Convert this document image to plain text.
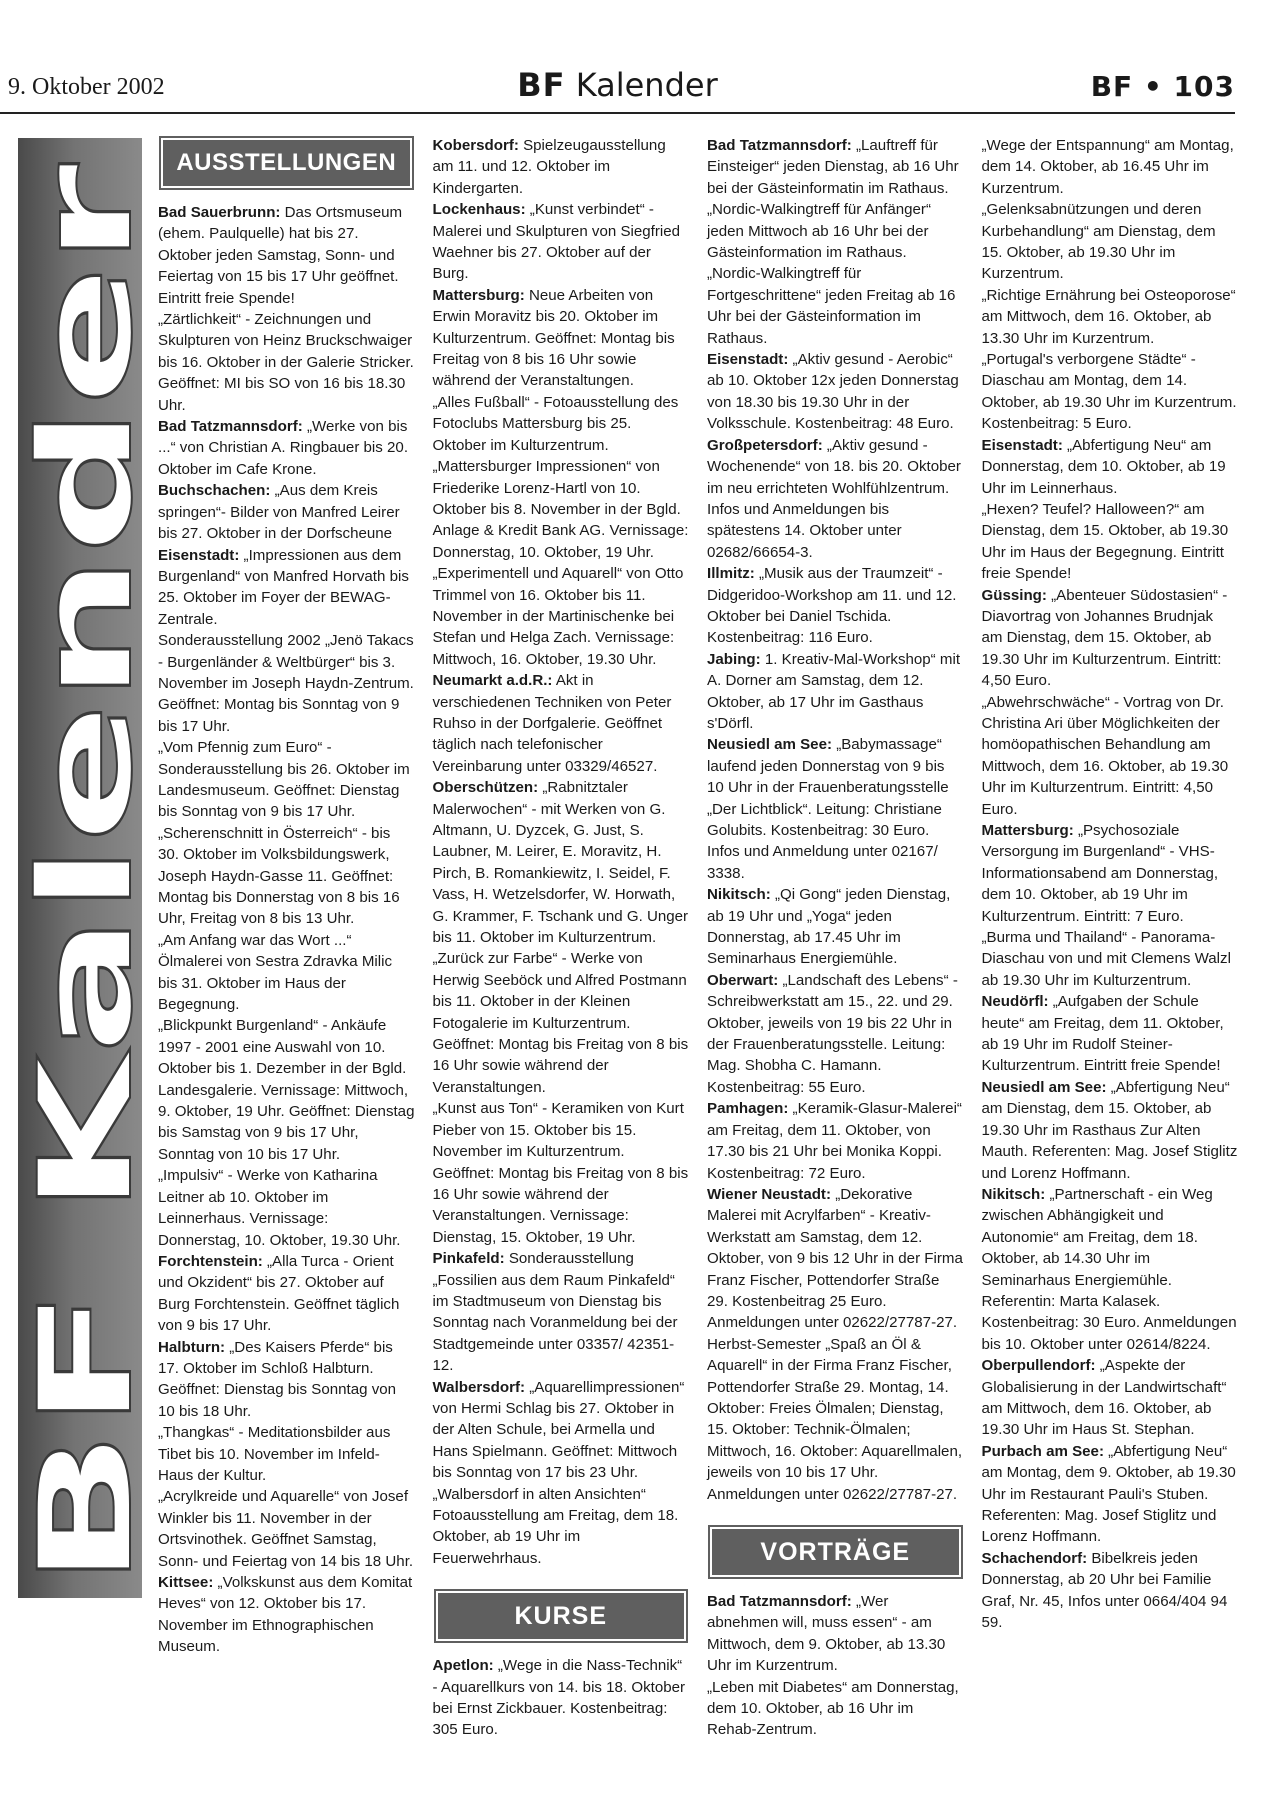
9. Oktober 2002	BF Kalender	BF • 103
BF Kalender
AUSSTELLUNGEN

Bad Sauerbrunn: Das Ortsmuseum (ehem. Paulquelle) hat bis 27. Oktober jeden Samstag, Sonn- und Feiertag von 15 bis 17 Uhr geöffnet. Eintritt freie Spende!

„Zärtlichkeit“ - Zeichnungen und Skulpturen von Heinz Bruckschwaiger bis 16. Oktober in der Galerie Stricker. Geöffnet: MI bis SO von 16 bis 18.30 Uhr.

Bad Tatzmannsdorf: „Werke von bis ...“ von Christian A. Ringbauer bis 20. Oktober im Cafe Krone.

Buchschachen: „Aus dem Kreis springen“- Bilder von Manfred Leirer bis 27. Oktober in der Dorfscheune

Eisenstadt: „Impressionen aus dem Burgenland“ von Manfred Horvath bis 25. Oktober im Foyer der BEWAG-Zentrale.

Sonderausstellung 2002 „Jenö Takacs - Burgenländer & Weltbürger“ bis 3. November im Joseph Haydn-Zentrum. Geöffnet: Montag bis Sonntag von 9 bis 17 Uhr.

„Vom Pfennig zum Euro“ - Sonderausstellung bis 26. Oktober im Landesmuseum. Geöffnet: Dienstag bis Sonntag von 9 bis 17 Uhr.

„Scherenschnitt in Österreich“ - bis 30. Oktober im Volksbildungswerk, Joseph Haydn-Gasse 11. Geöffnet: Montag bis Donnerstag von 8 bis 16 Uhr, Freitag von 8 bis 13 Uhr.

„Am Anfang war das Wort ...“ Ölmalerei von Sestra Zdravka Milic bis 31. Oktober im Haus der Begegnung.

„Blickpunkt Burgenland“ - Ankäufe 1997 - 2001 eine Auswahl von 10. Oktober bis 1. Dezember in der Bgld. Landesgalerie. Vernissage: Mittwoch, 9. Oktober, 19 Uhr. Geöffnet: Dienstag bis Samstag von 9 bis 17 Uhr, Sonntag von 10 bis 17 Uhr.

„Impulsiv“ - Werke von Katharina Leitner ab 10. Oktober im Leinnerhaus. Vernissage: Donnerstag, 10. Oktober, 19.30 Uhr.

Forchtenstein: „Alla Turca - Orient und Okzident“ bis 27. Oktober auf Burg Forchtenstein. Geöffnet täglich von 9 bis 17 Uhr.

Halbturn: „Des Kaisers Pferde“ bis 17. Oktober im Schloß Halbturn. Geöffnet: Dienstag bis Sonntag von 10 bis 18 Uhr.

„Thangkas“ - Meditationsbilder aus Tibet bis 10. November im Infeld-Haus der Kultur.

„Acrylkreide und Aquarelle“ von Josef Winkler bis 11. November in der Ortsvinothek. Geöffnet Samstag, Sonn- und Feiertag von 14 bis 18 Uhr.

Kittsee: „Volkskunst aus dem Komitat Heves“ von 12. Oktober bis 17. November im Ethnographischen Museum.

Kobersdorf: Spielzeugausstellung am 11. und 12. Oktober im Kindergarten.

Lockenhaus: „Kunst verbindet“ - Malerei und Skulpturen von Siegfried Waehner bis 27. Oktober auf der Burg.

Mattersburg: Neue Arbeiten von Erwin Moravitz bis 20. Oktober im Kulturzentrum. Geöffnet: Montag bis Freitag von 8 bis 16 Uhr sowie während der Veranstaltungen.

„Alles Fußball“ - Fotoausstellung des Fotoclubs Mattersburg bis 25. Oktober im Kulturzentrum.

„Mattersburger Impressionen“ von Friederike Lorenz-Hartl von 10. Oktober bis 8. November in der Bgld. Anlage & Kredit Bank AG. Vernissage: Donnerstag, 10. Oktober, 19 Uhr.

„Experimentell und Aquarell“ von Otto Trimmel von 16. Oktober bis 11. November in der Martinischenke bei Stefan und Helga Zach. Vernissage: Mittwoch, 16. Oktober, 19.30 Uhr.

Neumarkt a.d.R.: Akt in verschiedenen Techniken von Peter Ruhso in der Dorfgalerie. Geöffnet täglich nach telefonischer Vereinbarung unter 03329/46527.

Oberschützen: „Rabnitztaler Malerwochen“ - mit Werken von G. Altmann, U. Dyzcek, G. Just, S. Laubner, M. Leirer, E. Moravitz, H. Pirch, B. Romankiewitz, I. Seidel, F. Vass, H. Wetzelsdorfer, W. Horwath, G. Krammer, F. Tschank und G. Unger bis 11. Oktober im Kulturzentrum.

„Zurück zur Farbe“ - Werke von Herwig Seeböck und Alfred Postmann bis 11. Oktober in der Kleinen Fotogalerie im Kulturzentrum. Geöffnet: Montag bis Freitag von 8 bis 16 Uhr sowie während der Veranstaltungen.

„Kunst aus Ton“ - Keramiken von Kurt Pieber von 15. Oktober bis 15. November im Kulturzentrum. Geöffnet: Montag bis Freitag von 8 bis 16 Uhr sowie während der Veranstaltungen. Vernissage: Dienstag, 15. Oktober, 19 Uhr.

Pinkafeld: Sonderausstellung „Fossilien aus dem Raum Pinkafeld“ im Stadtmuseum von Dienstag bis Sonntag nach Voranmeldung bei der Stadtgemeinde unter 03357/ 42351-12.

Walbersdorf: „Aquarellimpressionen“ von Hermi Schlag bis 27. Oktober in der Alten Schule, bei Armella und Hans Spielmann. Geöffnet: Mittwoch bis Sonntag von 17 bis 23 Uhr.

„Walbersdorf in alten Ansichten“ Fotoausstellung am Freitag, dem 18. Oktober, ab 19 Uhr im Feuerwehrhaus.

KURSE

Apetlon: „Wege in die Nass-Technik“ - Aquarellkurs von 14. bis 18. Oktober bei Ernst Zickbauer. Kostenbeitrag: 305 Euro.

Bad Tatzmannsdorf: „Lauftreff für Einsteiger“ jeden Dienstag, ab 16 Uhr bei der Gästeinformatin im Rathaus.

„Nordic-Walkingtreff für Anfänger“ jeden Mittwoch ab 16 Uhr bei der Gästeinformation im Rathaus.

„Nordic-Walkingtreff für Fortgeschrittene“ jeden Freitag ab 16 Uhr bei der Gästeinformation im Rathaus.

Eisenstadt: „Aktiv gesund - Aerobic“ ab 10. Oktober 12x jeden Donnerstag von 18.30 bis 19.30 Uhr in der Volksschule. Kostenbeitrag: 48 Euro.

Großpetersdorf: „Aktiv gesund - Wochenende“ von 18. bis 20. Oktober im neu errichteten Wohlfühlzentrum. Infos und Anmeldungen bis spätestens 14. Oktober unter 02682/66654-3.

Illmitz: „Musik aus der Traumzeit“ - Didgeridoo-Workshop am 11. und 12. Oktober bei Daniel Tschida. Kostenbeitrag: 116 Euro.

Jabing: 1. Kreativ-Mal-Workshop“ mit A. Dorner am Samstag, dem 12. Oktober, ab 17 Uhr im Gasthaus s'Dörfl.

Neusiedl am See: „Babymassage“ laufend jeden Donnerstag von 9 bis 10 Uhr in der Frauenberatungsstelle „Der Lichtblick“. Leitung: Christiane Golubits. Kostenbeitrag: 30 Euro. Infos und Anmeldung unter 02167/ 3338.

Nikitsch: „Qi Gong“ jeden Dienstag, ab 19 Uhr und „Yoga“ jeden Donnerstag, ab 17.45 Uhr im Seminarhaus Energiemühle.

Oberwart: „Landschaft des Lebens“ - Schreibwerkstatt am 15., 22. und 29. Oktober, jeweils von 19 bis 22 Uhr in der Frauenberatungsstelle. Leitung: Mag. Shobha C. Hamann. Kostenbeitrag: 55 Euro.

Pamhagen: „Keramik-Glasur-Malerei“ am Freitag, dem 11. Oktober, von 17.30 bis 21 Uhr bei Monika Koppi. Kostenbeitrag: 72 Euro.

Wiener Neustadt: „Dekorative Malerei mit Acrylfarben“ - Kreativ-Werkstatt am Samstag, dem 12. Oktober, von 9 bis 12 Uhr in der Firma Franz Fischer, Pottendorfer Straße 29. Kostenbeitrag 25 Euro. Anmeldungen unter 02622/27787-27.

Herbst-Semester „Spaß an Öl & Aquarell“ in der Firma Franz Fischer, Pottendorfer Straße 29. Montag, 14. Oktober: Freies Ölmalen; Dienstag, 15. Oktober: Technik-Ölmalen; Mittwoch, 16. Oktober: Aquarellmalen, jeweils von 10 bis 17 Uhr. Anmeldungen unter 02622/27787-27.

VORTRÄGE

Bad Tatzmannsdorf: „Wer abnehmen will, muss essen“ - am Mittwoch, dem 9. Oktober, ab 13.30 Uhr im Kurzentrum.

„Leben mit Diabetes“ am Donnerstag, dem 10. Oktober, ab 16 Uhr im Rehab-Zentrum.

„Wege der Entspannung“ am Montag, dem 14. Oktober, ab 16.45 Uhr im Kurzentrum.

„Gelenksabnützungen und deren Kurbehandlung“ am Dienstag, dem 15. Oktober, ab 19.30 Uhr im Kurzentrum.

„Richtige Ernährung bei Osteoporose“ am Mittwoch, dem 16. Oktober, ab 13.30 Uhr im Kurzentrum.

„Portugal's verborgene Städte“ - Diaschau am Montag, dem 14. Oktober, ab 19.30 Uhr im Kurzentrum. Kostenbeitrag: 5 Euro.

Eisenstadt: „Abfertigung Neu“ am Donnerstag, dem 10. Oktober, ab 19 Uhr im Leinnerhaus.

„Hexen? Teufel? Halloween?“ am Dienstag, dem 15. Oktober, ab 19.30 Uhr im Haus der Begegnung. Eintritt freie Spende!

Güssing: „Abenteuer Südostasien“ - Diavortrag von Johannes Brudnjak am Dienstag, dem 15. Oktober, ab 19.30 Uhr im Kulturzentrum. Eintritt: 4,50 Euro.

„Abwehrschwäche“ - Vortrag von Dr. Christina Ari über Möglichkeiten der homöopathischen Behandlung am Mittwoch, dem 16. Oktober, ab 19.30 Uhr im Kulturzentrum. Eintritt: 4,50 Euro.

Mattersburg: „Psychosoziale Versorgung im Burgenland“ - VHS-Informationsabend am Donnerstag, dem 10. Oktober, ab 19 Uhr im Kulturzentrum. Eintritt: 7 Euro.

„Burma und Thailand“ - Panorama-Diaschau von und mit Clemens Walzl ab 19.30 Uhr im Kulturzentrum.

Neudörfl: „Aufgaben der Schule heute“ am Freitag, dem 11. Oktober, ab 19 Uhr im Rudolf Steiner-Kulturzentrum. Eintritt freie Spende!

Neusiedl am See: „Abfertigung Neu“ am Dienstag, dem 15. Oktober, ab 19.30 Uhr im Rasthaus Zur Alten Mauth. Referenten: Mag. Josef Stiglitz und Lorenz Hoffmann.

Nikitsch: „Partnerschaft - ein Weg zwischen Abhängigkeit und Autonomie“ am Freitag, dem 18. Oktober, ab 14.30 Uhr im Seminarhaus Energiemühle. Referentin: Marta Kalasek. Kostenbeitrag: 30 Euro. Anmeldungen bis 10. Oktober unter 02614/8224.

Oberpullendorf: „Aspekte der Globalisierung in der Landwirtschaft“ am Mittwoch, dem 16. Oktober, ab 19.30 Uhr im Haus St. Stephan.

Purbach am See: „Abfertigung Neu“ am Montag, dem 9. Oktober, ab 19.30 Uhr im Restaurant Pauli's Stuben. Referenten: Mag. Josef Stiglitz und Lorenz Hoffmann.

Schachendorf: Bibelkreis jeden Donnerstag, ab 20 Uhr bei Familie Graf, Nr. 45, Infos unter 0664/404 94 59.
